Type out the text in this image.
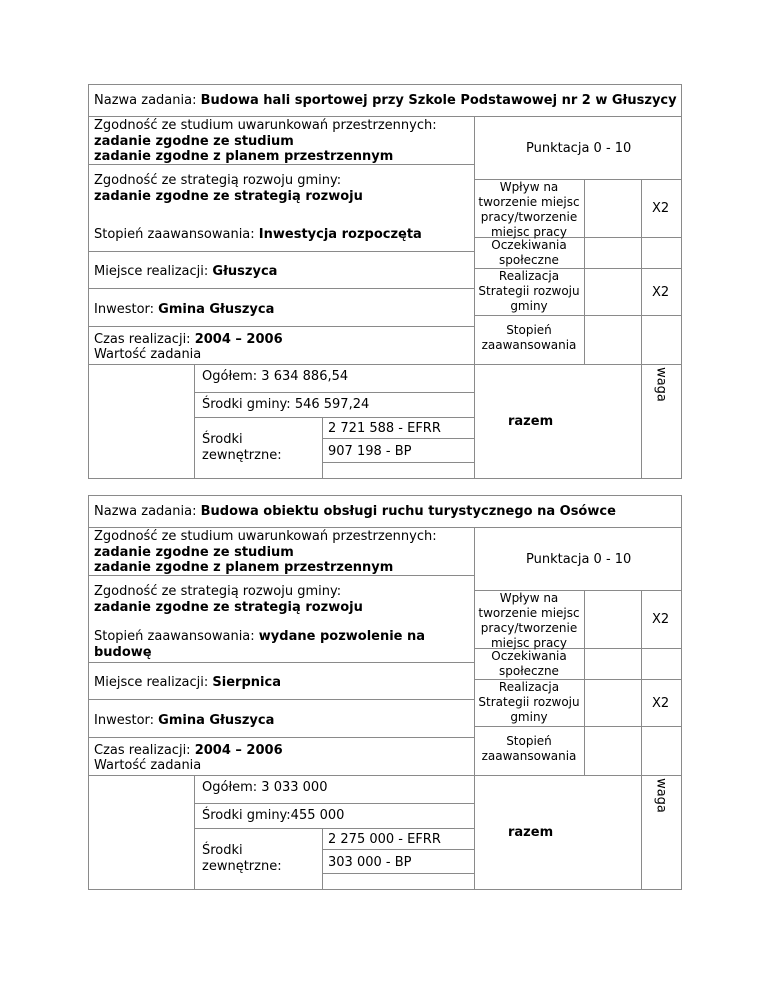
Nazwa zadania: Budowa hali sportowej przy Szkole Podstawowej nr 2 w Głuszycy
Zgodność ze studium uwarunkowań przestrzennych:
zadanie zgodne ze studium
zadanie zgodne z planem przestrzennym
Zgodność ze strategią rozwoju gminy:
zadanie zgodne ze strategią rozwoju
Stopień zaawansowania: Inwestycja rozpoczęta
Miejsce realizacji: Głuszyca
Inwestor: Gmina Głuszyca
Czas realizacji: 2004 – 2006
Wartość zadania
Ogółem: 3 634 886,54
Środki gminy: 546 597,24
Środki
zewnętrzne:
2 721 588 - EFRR
907 198 - BP
Punktacja 0 - 10
Wpływ na tworzenie miejsc pracy/tworzenie miejsc pracy
X2
Oczekiwania społeczne
Realizacja Strategii rozwoju gminy
X2
Stopień zaawansowania
waga
razem
Nazwa zadania: Budowa obiektu obsługi ruchu turystycznego na Osówce
Zgodność ze studium uwarunkowań przestrzennych:
zadanie zgodne ze studium
zadanie zgodne z planem przestrzennym
Zgodność ze strategią rozwoju gminy:
zadanie zgodne ze strategią rozwoju
Stopień zaawansowania: wydane pozwolenie na
budowę
Miejsce realizacji: Sierpnica
Inwestor: Gmina Głuszyca
Czas realizacji: 2004 – 2006
Wartość zadania
Ogółem: 3 033 000
Środki gminy:455 000
Środki
zewnętrzne:
2 275 000 - EFRR
303 000 - BP
Punktacja 0 - 10
Wpływ na tworzenie miejsc pracy/tworzenie miejsc pracy
X2
Oczekiwania społeczne
Realizacja Strategii rozwoju gminy
X2
Stopień zaawansowania
waga
razem
